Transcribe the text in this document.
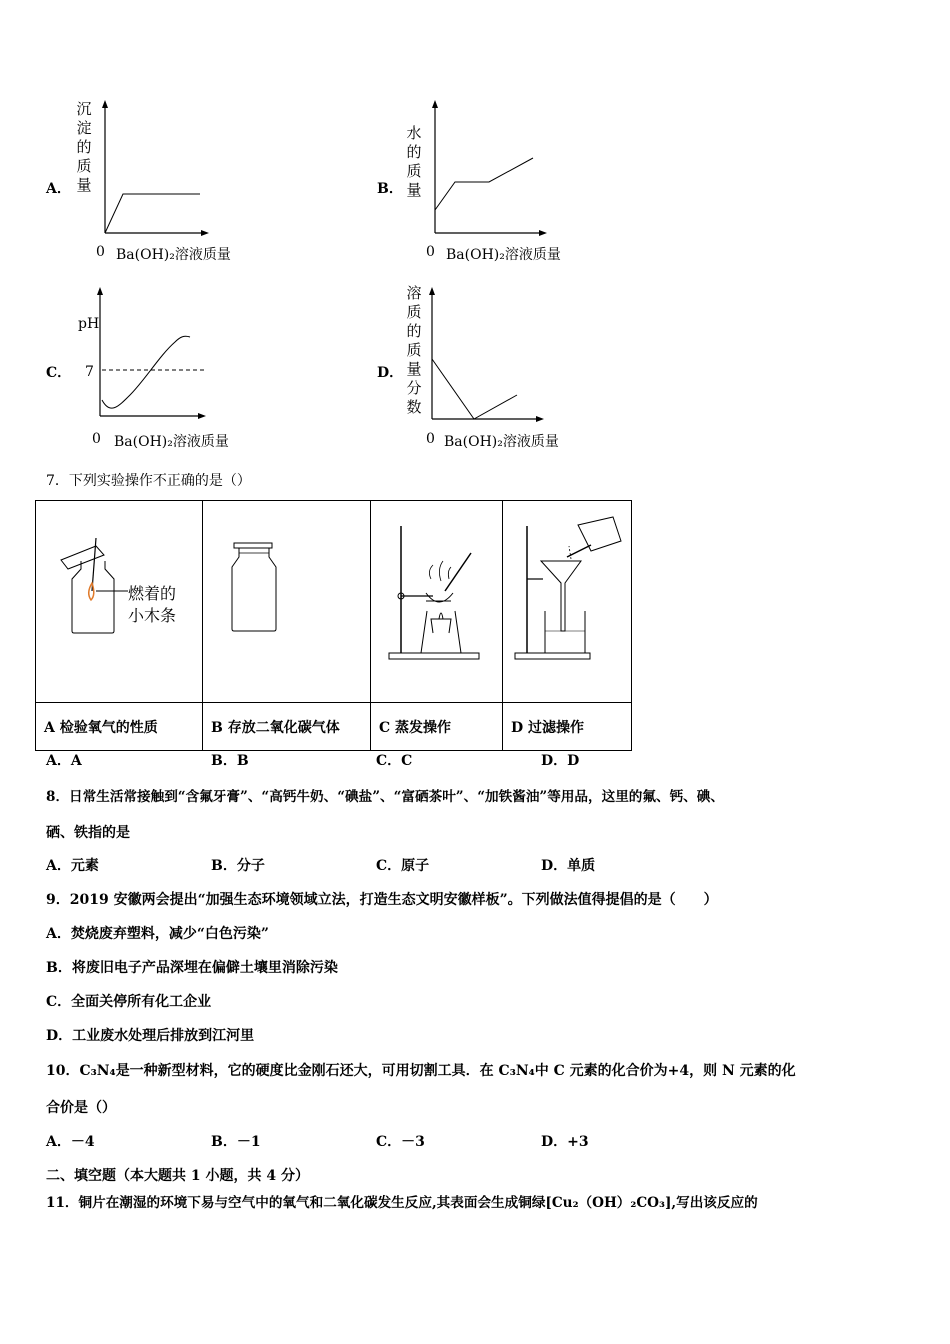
A．
沉淀的质量
0 Ba(OH)₂溶液质量
B．
水的质量
0 Ba(OH)₂溶液质量
C．
pH
7
0 Ba(OH)₂溶液质量
D．
溶质的质量分数
0 Ba(OH)₂溶液质量
7．下列实验操作不正确的是（）
燃着的
小木条

A 检验氧气的性质	B 存放二氧化碳气体	C 蒸发操作	D 过滤操作
A．A	B．B	C．C	D．D
8．日常生活常接触到“含氟牙膏”、“高钙牛奶、“碘盐”、“富硒茶叶”、“加铁酱油”等用品，这里的氟、钙、碘、
硒、铁指的是
A．元素	B．分子	C．原子	D．单质
9．2019 安徽两会提出“加强生态环境领域立法，打造生态文明安徽样板”。下列做法值得提倡的是（　　）
A．焚烧废弃塑料，减少“白色污染”
B．将废旧电子产品深埋在偏僻土壤里消除污染
C．全面关停所有化工企业
D．工业废水处理后排放到江河里
10．C₃N₄是一种新型材料，它的硬度比金刚石还大，可用切割工具．在 C₃N₄中 C 元素的化合价为+4，则 N 元素的化
合价是（）
A．－4	B．－1	C．－3	D．+3
二、填空题（本大题共 1 小题，共 4 分）
11．铜片在潮湿的环境下易与空气中的氧气和二氧化碳发生反应,其表面会生成铜绿[Cu₂（OH）₂CO₃],写出该反应的
